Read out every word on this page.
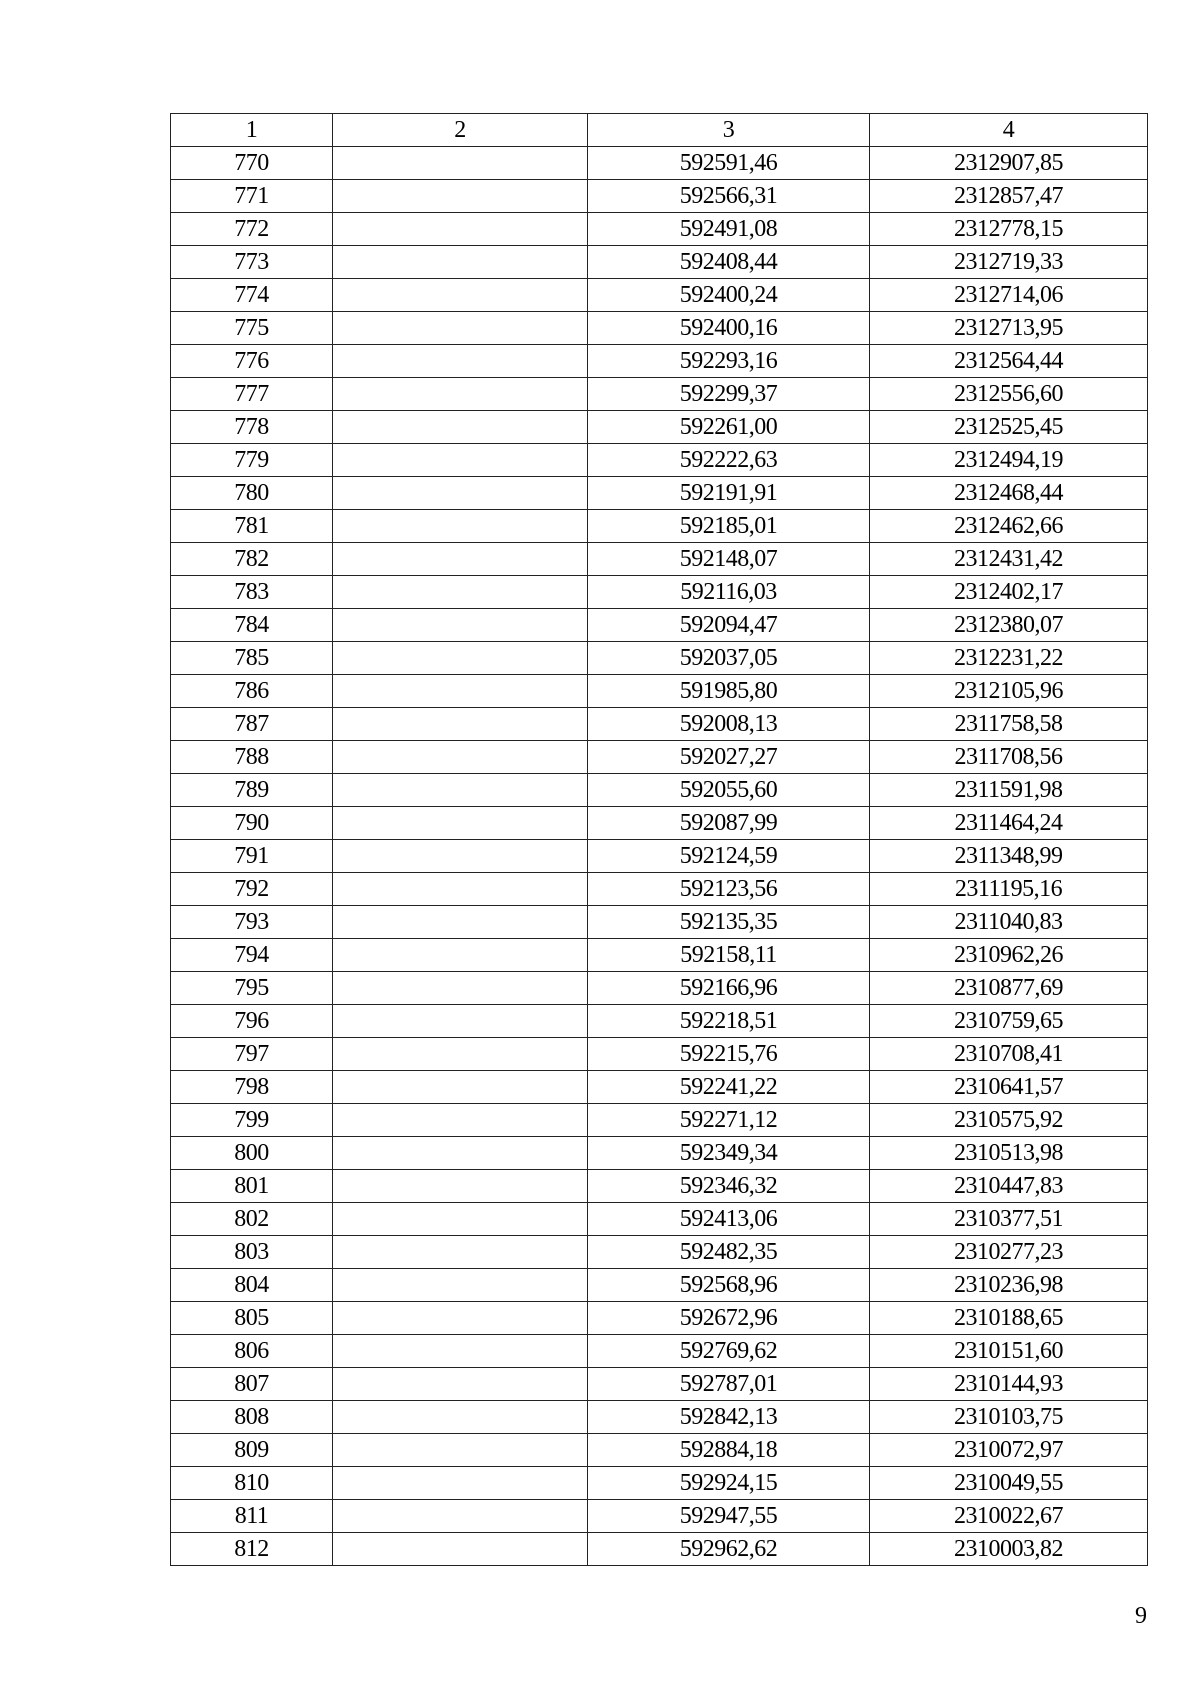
1	2	3	4
770		592591,46	2312907,85
771		592566,31	2312857,47
772		592491,08	2312778,15
773		592408,44	2312719,33
774		592400,24	2312714,06
775		592400,16	2312713,95
776		592293,16	2312564,44
777		592299,37	2312556,60
778		592261,00	2312525,45
779		592222,63	2312494,19
780		592191,91	2312468,44
781		592185,01	2312462,66
782		592148,07	2312431,42
783		592116,03	2312402,17
784		592094,47	2312380,07
785		592037,05	2312231,22
786		591985,80	2312105,96
787		592008,13	2311758,58
788		592027,27	2311708,56
789		592055,60	2311591,98
790		592087,99	2311464,24
791		592124,59	2311348,99
792		592123,56	2311195,16
793		592135,35	2311040,83
794		592158,11	2310962,26
795		592166,96	2310877,69
796		592218,51	2310759,65
797		592215,76	2310708,41
798		592241,22	2310641,57
799		592271,12	2310575,92
800		592349,34	2310513,98
801		592346,32	2310447,83
802		592413,06	2310377,51
803		592482,35	2310277,23
804		592568,96	2310236,98
805		592672,96	2310188,65
806		592769,62	2310151,60
807		592787,01	2310144,93
808		592842,13	2310103,75
809		592884,18	2310072,97
810		592924,15	2310049,55
811		592947,55	2310022,67
812		592962,62	2310003,82
9
